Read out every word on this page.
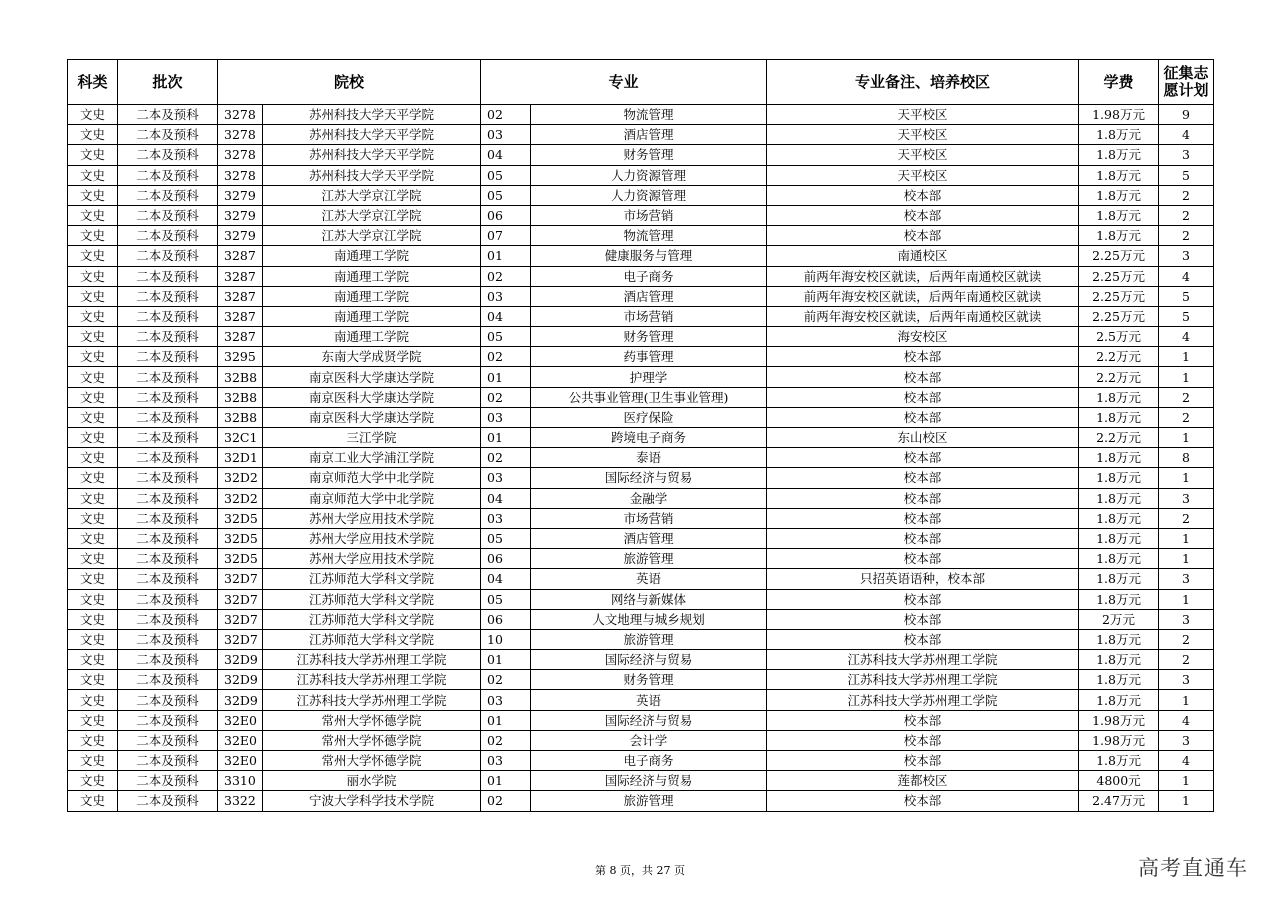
科类	批次	院校		专业		专业备注、培养校区	学费	征集志
愿计划
文史	二本及预科	3278	苏州科技大学天平学院	02	物流管理	天平校区	1.98万元	9
文史	二本及预科	3278	苏州科技大学天平学院	03	酒店管理	天平校区	1.8万元	4
文史	二本及预科	3278	苏州科技大学天平学院	04	财务管理	天平校区	1.8万元	3
文史	二本及预科	3278	苏州科技大学天平学院	05	人力资源管理	天平校区	1.8万元	5
文史	二本及预科	3279	江苏大学京江学院	05	人力资源管理	校本部	1.8万元	2
文史	二本及预科	3279	江苏大学京江学院	06	市场营销	校本部	1.8万元	2
文史	二本及预科	3279	江苏大学京江学院	07	物流管理	校本部	1.8万元	2
文史	二本及预科	3287	南通理工学院	01	健康服务与管理	南通校区	2.25万元	3
文史	二本及预科	3287	南通理工学院	02	电子商务	前两年海安校区就读，后两年南通校区就读	2.25万元	4
文史	二本及预科	3287	南通理工学院	03	酒店管理	前两年海安校区就读，后两年南通校区就读	2.25万元	5
文史	二本及预科	3287	南通理工学院	04	市场营销	前两年海安校区就读，后两年南通校区就读	2.25万元	5
文史	二本及预科	3287	南通理工学院	05	财务管理	海安校区	2.5万元	4
文史	二本及预科	3295	东南大学成贤学院	02	药事管理	校本部	2.2万元	1
文史	二本及预科	32B8	南京医科大学康达学院	01	护理学	校本部	2.2万元	1
文史	二本及预科	32B8	南京医科大学康达学院	02	公共事业管理(卫生事业管理)	校本部	1.8万元	2
文史	二本及预科	32B8	南京医科大学康达学院	03	医疗保险	校本部	1.8万元	2
文史	二本及预科	32C1	三江学院	01	跨境电子商务	东山校区	2.2万元	1
文史	二本及预科	32D1	南京工业大学浦江学院	02	泰语	校本部	1.8万元	8
文史	二本及预科	32D2	南京师范大学中北学院	03	国际经济与贸易	校本部	1.8万元	1
文史	二本及预科	32D2	南京师范大学中北学院	04	金融学	校本部	1.8万元	3
文史	二本及预科	32D5	苏州大学应用技术学院	03	市场营销	校本部	1.8万元	2
文史	二本及预科	32D5	苏州大学应用技术学院	05	酒店管理	校本部	1.8万元	1
文史	二本及预科	32D5	苏州大学应用技术学院	06	旅游管理	校本部	1.8万元	1
文史	二本及预科	32D7	江苏师范大学科文学院	04	英语	只招英语语种，校本部	1.8万元	3
文史	二本及预科	32D7	江苏师范大学科文学院	05	网络与新媒体	校本部	1.8万元	1
文史	二本及预科	32D7	江苏师范大学科文学院	06	人文地理与城乡规划	校本部	2万元	3
文史	二本及预科	32D7	江苏师范大学科文学院	10	旅游管理	校本部	1.8万元	2
文史	二本及预科	32D9	江苏科技大学苏州理工学院	01	国际经济与贸易	江苏科技大学苏州理工学院	1.8万元	2
文史	二本及预科	32D9	江苏科技大学苏州理工学院	02	财务管理	江苏科技大学苏州理工学院	1.8万元	3
文史	二本及预科	32D9	江苏科技大学苏州理工学院	03	英语	江苏科技大学苏州理工学院	1.8万元	1
文史	二本及预科	32E0	常州大学怀德学院	01	国际经济与贸易	校本部	1.98万元	4
文史	二本及预科	32E0	常州大学怀德学院	02	会计学	校本部	1.98万元	3
文史	二本及预科	32E0	常州大学怀德学院	03	电子商务	校本部	1.8万元	4
文史	二本及预科	3310	丽水学院	01	国际经济与贸易	莲都校区	4800元	1
文史	二本及预科	3322	宁波大学科学技术学院	02	旅游管理	校本部	2.47万元	1
第 8 页，共 27 页	高考直通车
